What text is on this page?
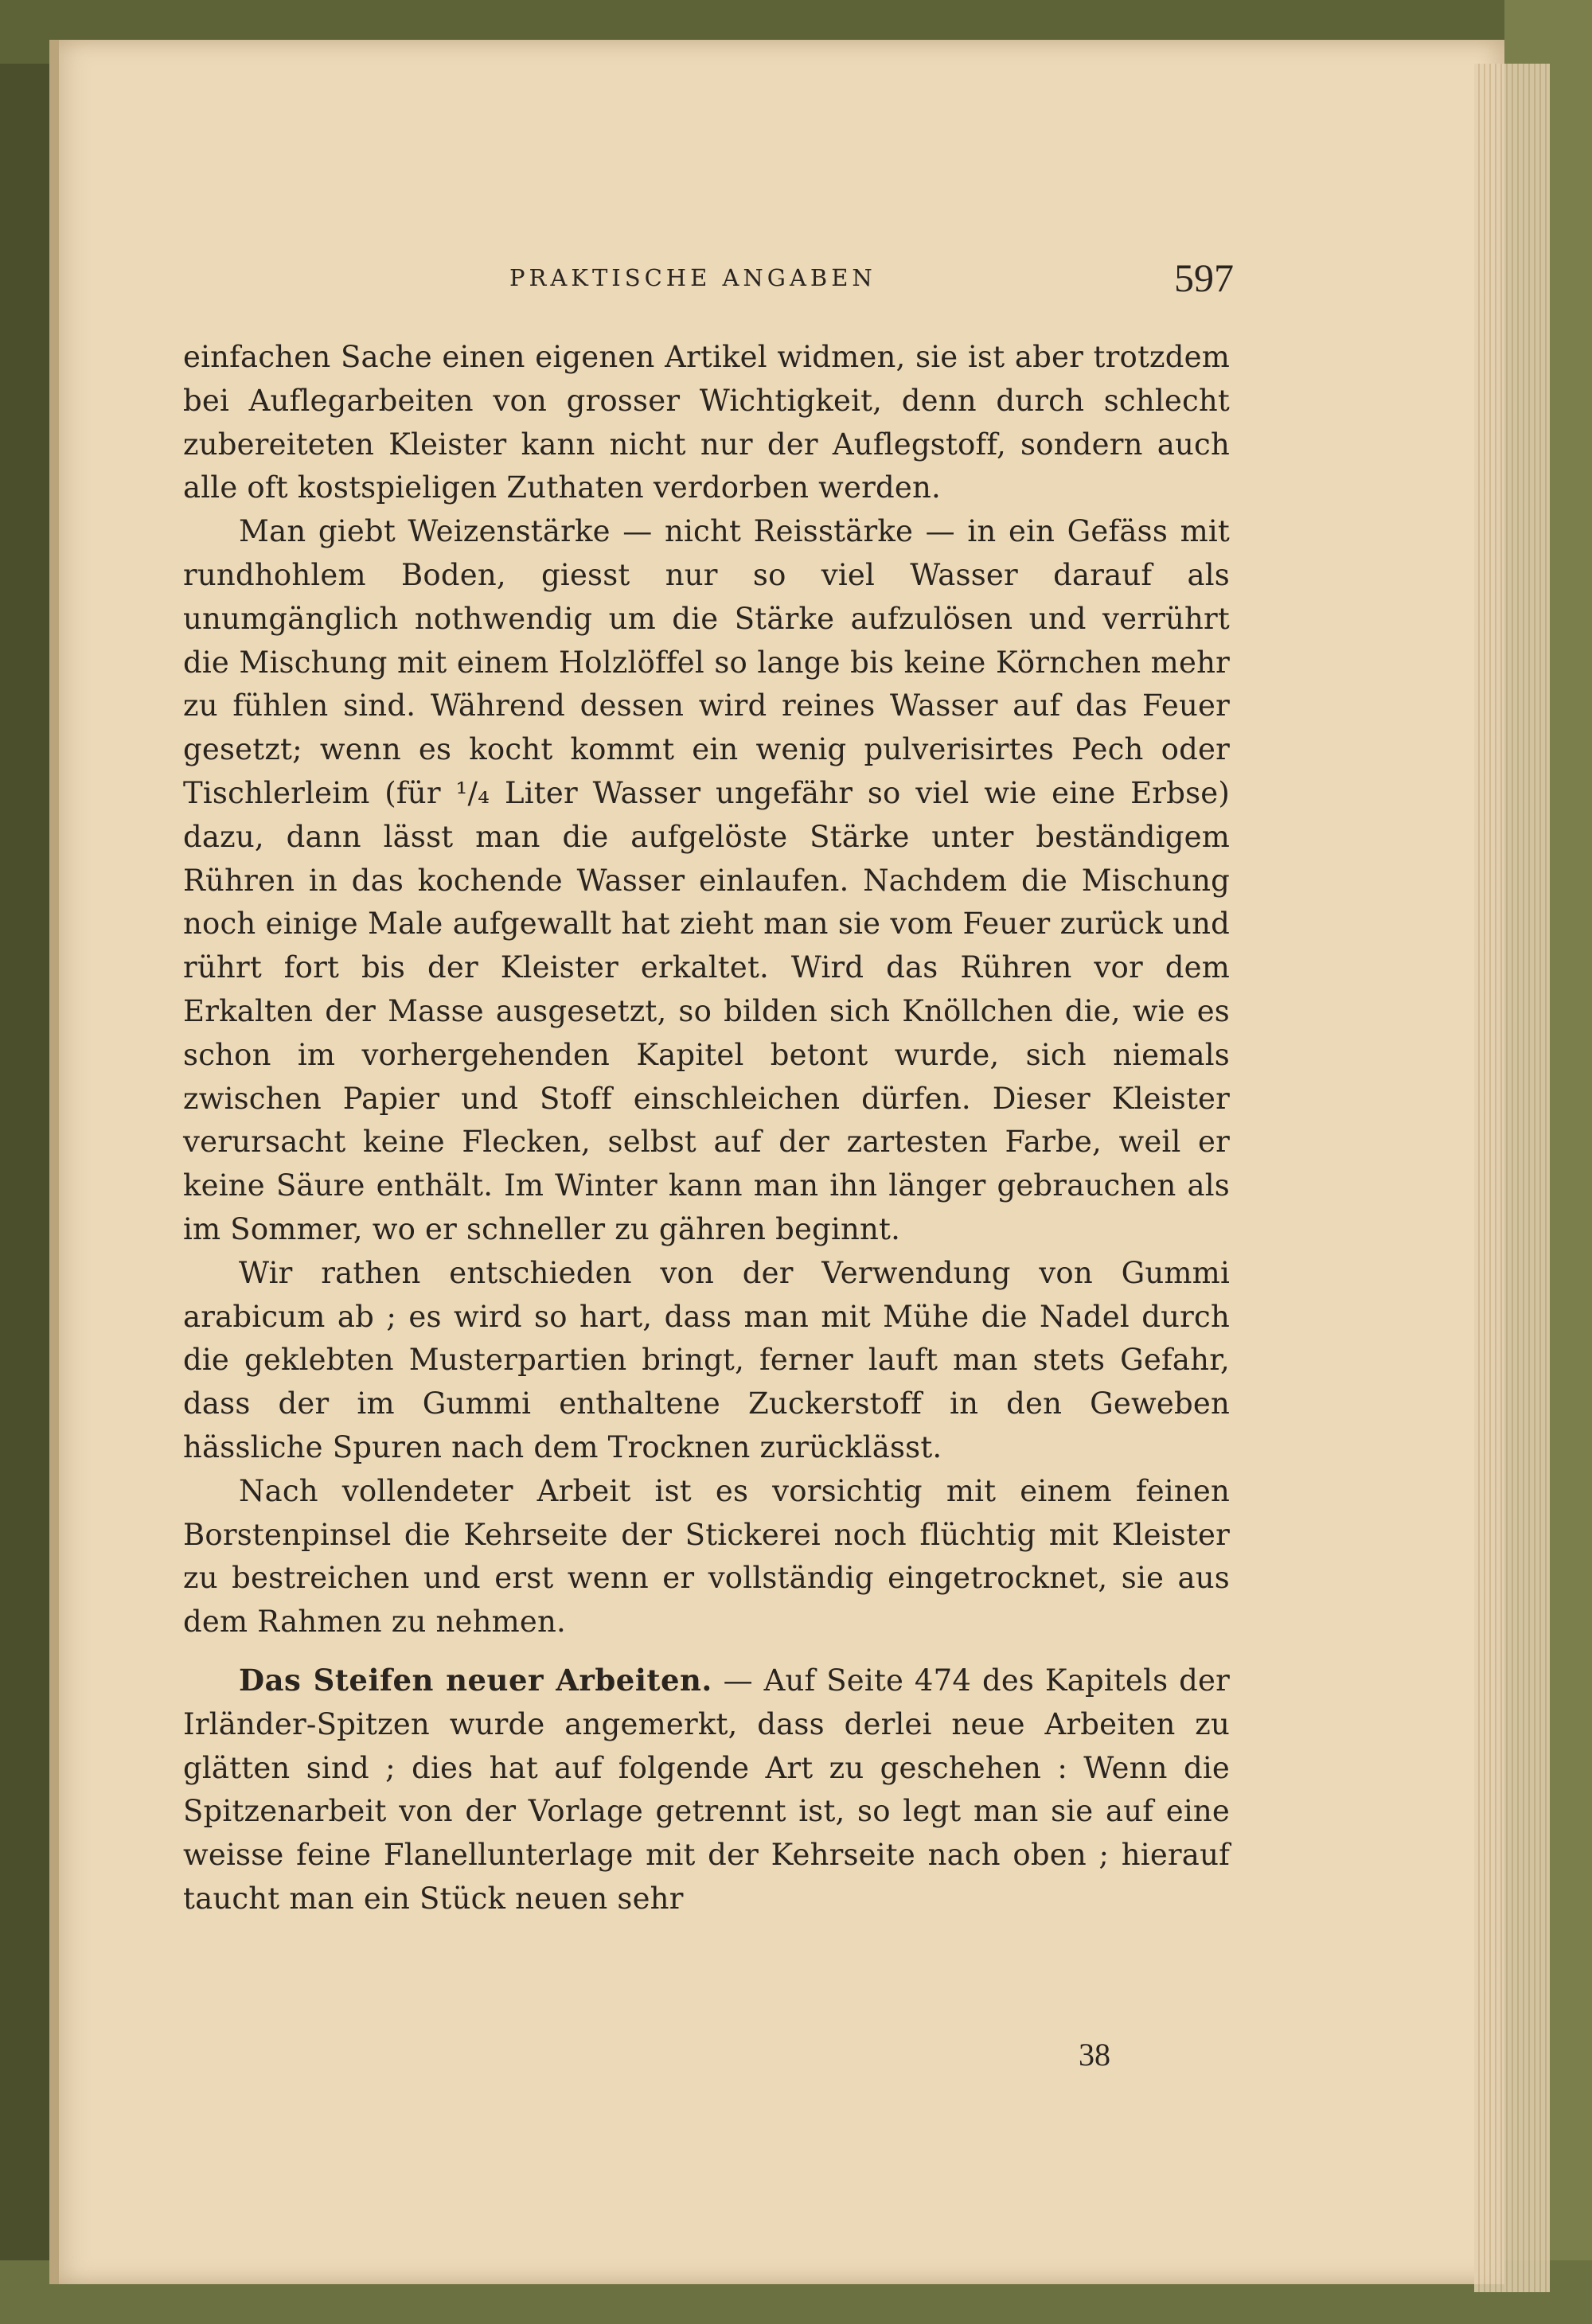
PRAKTISCHE ANGABEN	597

einfachen Sache einen eigenen Artikel widmen, sie ist aber trotzdem bei Auflegarbeiten von grosser Wichtigkeit, denn durch schlecht zubereiteten Kleister kann nicht nur der Auflegstoff, sondern auch alle oft kostspieligen Zuthaten verdorben werden.

Man giebt Weizenstärke — nicht Reisstärke — in ein Gefäss mit rundhohlem Boden, giesst nur so viel Wasser darauf als unumgänglich nothwendig um die Stärke aufzulösen und verrührt die Mischung mit einem Holzlöffel so lange bis keine Körnchen mehr zu fühlen sind. Während dessen wird reines Wasser auf das Feuer gesetzt; wenn es kocht kommt ein wenig pulverisirtes Pech oder Tischlerleim (für ¹/₄ Liter Wasser ungefähr so viel wie eine Erbse) dazu, dann lässt man die aufgelöste Stärke unter beständigem Rühren in das kochende Wasser einlaufen. Nachdem die Mischung noch einige Male aufgewallt hat zieht man sie vom Feuer zurück und rührt fort bis der Kleister erkaltet. Wird das Rühren vor dem Erkalten der Masse ausgesetzt, so bilden sich Knöllchen die, wie es schon im vorhergehenden Kapitel betont wurde, sich niemals zwischen Papier und Stoff einschleichen dürfen. Dieser Kleister verursacht keine Flecken, selbst auf der zartesten Farbe, weil er keine Säure enthält. Im Winter kann man ihn länger gebrauchen als im Sommer, wo er schneller zu gähren beginnt.

Wir rathen entschieden von der Verwendung von Gummi arabicum ab ; es wird so hart, dass man mit Mühe die Nadel durch die geklebten Musterpartien bringt, ferner lauft man stets Gefahr, dass der im Gummi enthaltene Zuckerstoff in den Geweben hässliche Spuren nach dem Trocknen zurücklässt.

Nach vollendeter Arbeit ist es vorsichtig mit einem feinen Borstenpinsel die Kehrseite der Stickerei noch flüchtig mit Kleister zu bestreichen und erst wenn er vollständig eingetrocknet, sie aus dem Rahmen zu nehmen.

Das Steifen neuer Arbeiten. — Auf Seite 474 des Kapitels der Irländer-Spitzen wurde angemerkt, dass derlei neue Arbeiten zu glätten sind ; dies hat auf folgende Art zu geschehen : Wenn die Spitzenarbeit von der Vorlage getrennt ist, so legt man sie auf eine weisse feine Flanellunterlage mit der Kehrseite nach oben ; hierauf taucht man ein Stück neuen sehr

38
